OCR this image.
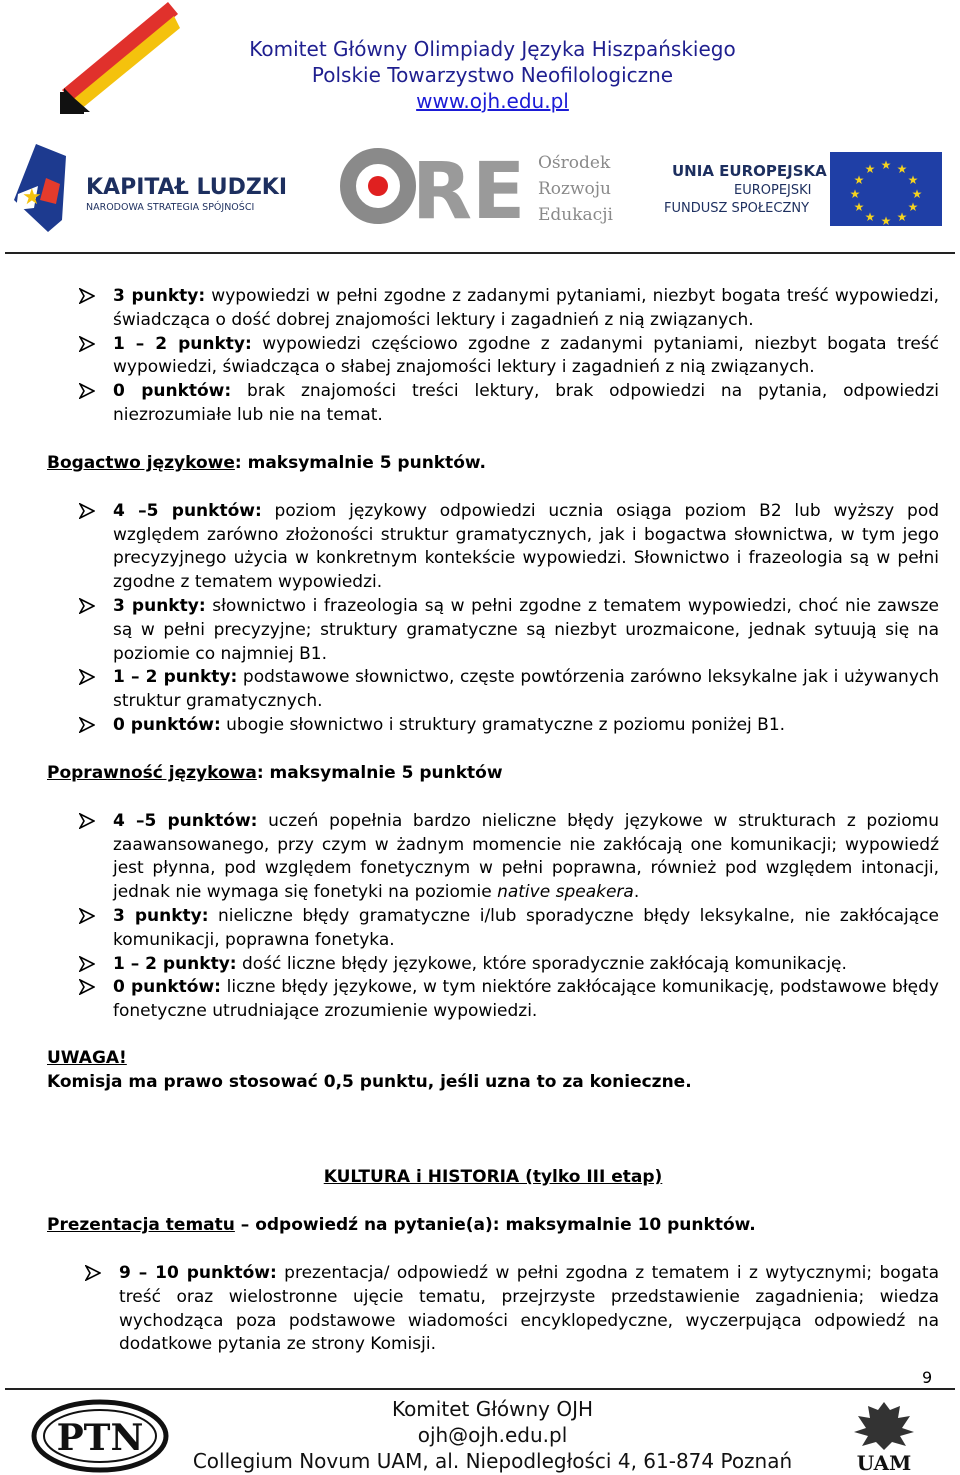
Komitet Główny Olimpiady Języka Hiszpańskiego
Polskie Towarzystwo Neofilologiczne
www.ojh.edu.pl
★ KAPITAŁ LUDZKI
NARODOWA STRATEGIA SPÓJNOŚCI RE Ośrodek
Rozwoju
Edukacji
UNIA EUROPEJSKA
EUROPEJSKI
FUNDUSZ SPOŁECZNY
★ ★
★
★
★
★
★
★
★
★
★
★
3 punkty: wypowiedzi w pełni zgodne z zadanymi pytaniami, niezbyt bogata treść wypowiedzi, świadcząca o dość dobrej znajomości lektury i zagadnień z nią związanych.
1 – 2 punkty: wypowiedzi częściowo zgodne z zadanymi pytaniami, niezbyt bogata treść wypowiedzi, świadcząca o słabej znajomości lektury i zagadnień z nią związanych.
0 punktów: brak znajomości treści lektury, brak odpowiedzi na pytania, odpowiedzi niezrozumiałe lub nie na temat.
Bogactwo językowe: maksymalnie 5 punktów.
4 –5 punktów: poziom językowy odpowiedzi ucznia osiąga poziom B2 lub wyższy pod względem zarówno złożoności struktur gramatycznych, jak i bogactwa słownictwa, w tym jego precyzyjnego użycia w konkretnym kontekście wypowiedzi. Słownictwo i frazeologia są w pełni zgodne z tematem wypowiedzi.
3 punkty: słownictwo i frazeologia są w pełni zgodne z tematem wypowiedzi, choć nie zawsze są w pełni precyzyjne; struktury gramatyczne są niezbyt urozmaicone, jednak sytuują się na poziomie co najmniej B1.
1 – 2 punkty: podstawowe słownictwo, częste powtórzenia zarówno leksykalne jak i używanych struktur gramatycznych.
0 punktów: ubogie słownictwo i struktury gramatyczne z poziomu poniżej B1.
Poprawność językowa: maksymalnie 5 punktów
4 –5 punktów: uczeń popełnia bardzo nieliczne błędy językowe w strukturach z poziomu zaawansowanego, przy czym w żadnym momencie nie zakłócają one komunikacji; wypowiedź jest płynna, pod względem fonetycznym w pełni poprawna, również pod względem intonacji, jednak nie wymaga się fonetyki na poziomie native speakera.
3 punkty: nieliczne błędy gramatyczne i/lub sporadyczne błędy leksykalne, nie zakłócające komunikacji, poprawna fonetyka.
1 – 2 punkty: dość liczne błędy językowe, które sporadycznie zakłócają komunikację.
0 punktów: liczne błędy językowe, w tym niektóre zakłócające komunikację, podstawowe błędy fonetyczne utrudniające zrozumienie wypowiedzi.
UWAGA!
Komisja ma prawo stosować 0,5 punktu, jeśli uzna to za konieczne.
KULTURA i HISTORIA (tylko III etap)
Prezentacja tematu – odpowiedź na pytanie(a): maksymalnie 10 punktów.
9 – 10 punktów: prezentacja/ odpowiedź w pełni zgodna z tematem i z wytycznymi; bogata treść oraz wielostronne ujęcie tematu, przejrzyste przedstawienie zagadnienia; wiedza wychodząca poza podstawowe wiadomości encyklopedyczne, wyczerpująca odpowiedź na dodatkowe pytania ze strony Komisji.
9
PTN
Komitet Główny OJH
ojh@ojh.edu.pl
Collegium Novum UAM, al. Niepodległości 4, 61-874 Poznań	UAM
